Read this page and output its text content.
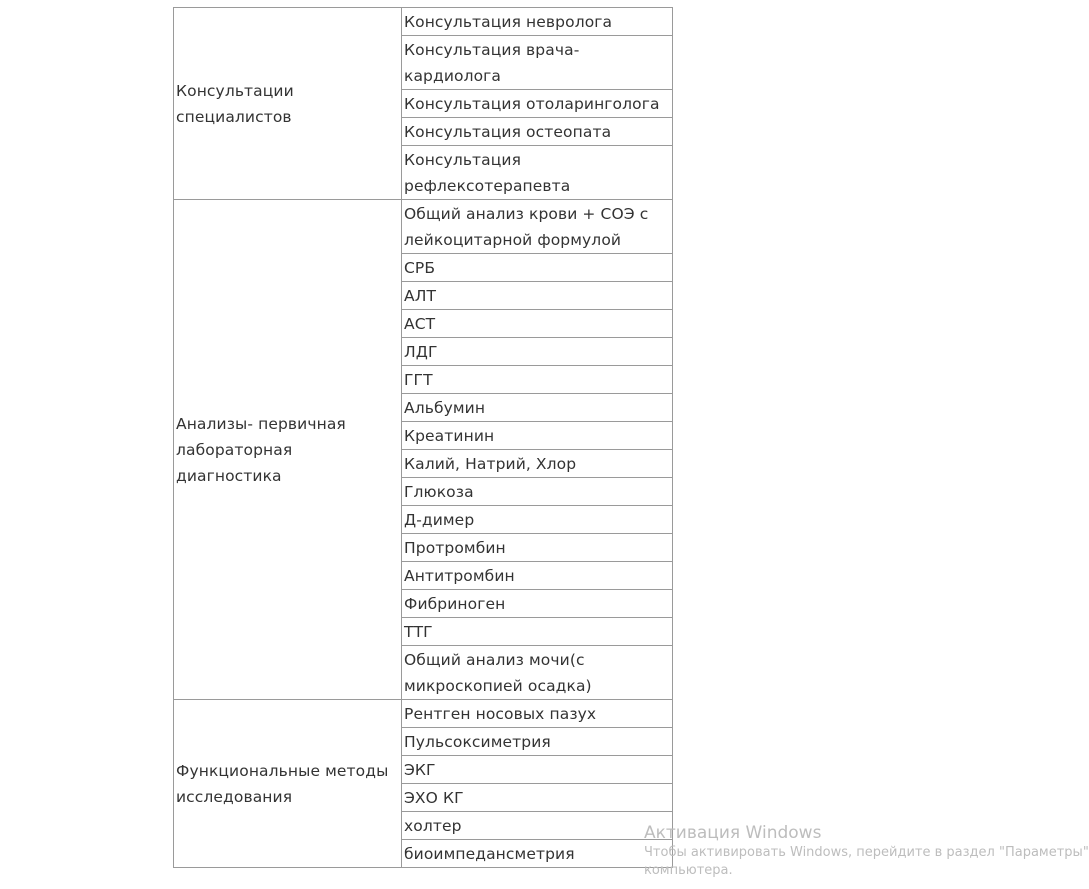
Консультации специалистов	Консультация невролога
	Консультация врача-кардиолога
	Консультация отоларинголога
	Консультация остеопата
	Консультация рефлексотерапевта
Анализы- первичная лабораторная диагностика	Общий анализ крови + СОЭ с лейкоцитарной формулой
	СРБ
	АЛТ
	АСТ
	ЛДГ
	ГГТ
	Альбумин
	Креатинин
	Калий, Натрий, Хлор
	Глюкоза
	Д-димер
	Протромбин
	Антитромбин
	Фибриноген
	ТТГ
	Общий анализ мочи(с микроскопией осадка)
Функциональные методы исследования	Рентген носовых пазух
	Пульсоксиметрия
	ЭКГ
	ЭХО КГ
	холтер
	биоимпедансметрия
Активация Windows
Чтобы активировать Windows, перейдите в раздел "Параметры"
компьютера.
